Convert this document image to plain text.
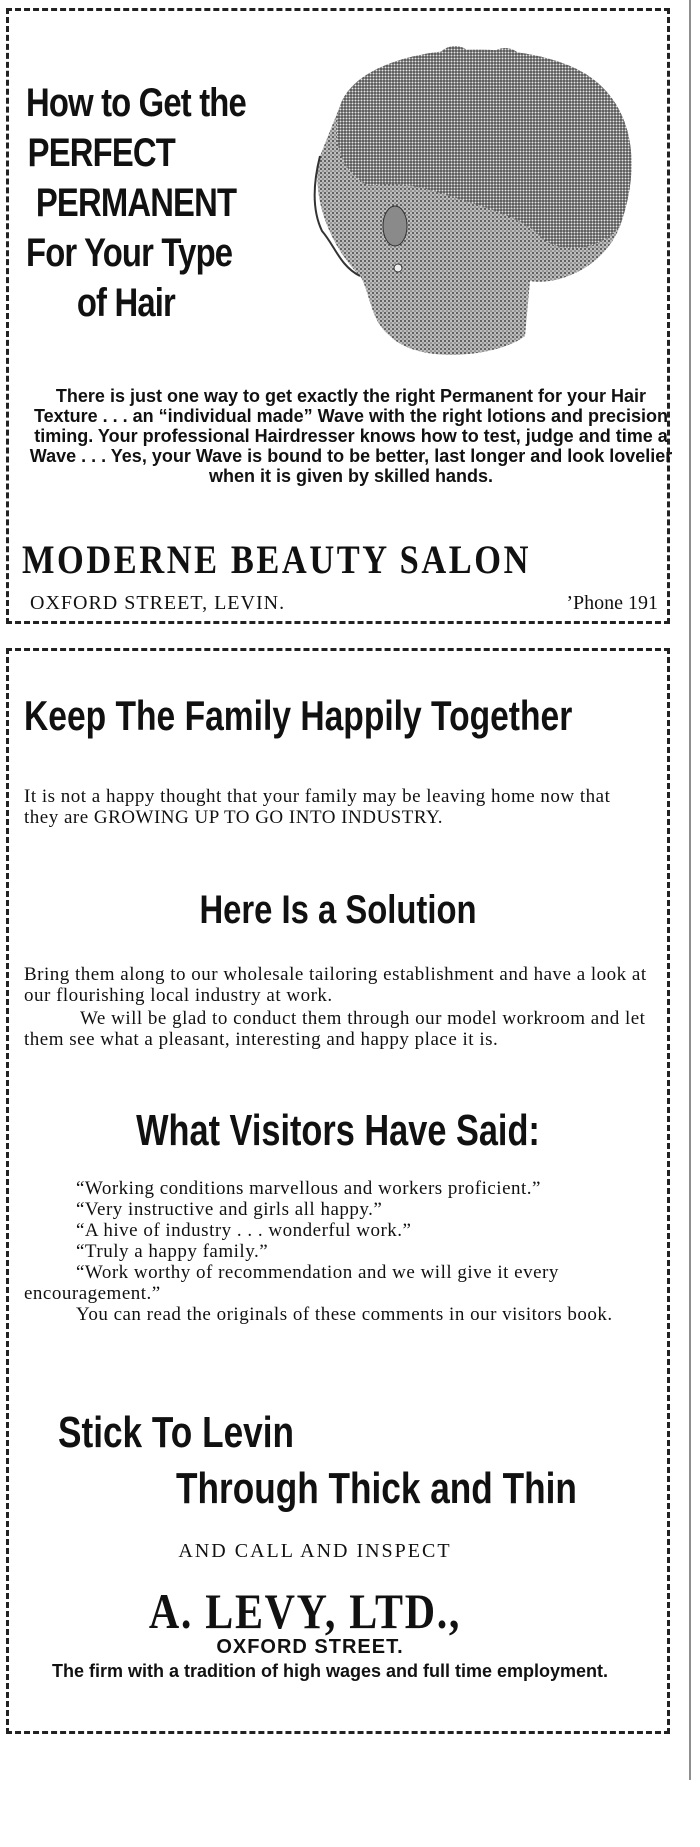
How to Get the
PERFECT
PERMANENT
For Your Type
of Hair
There is just one way to get exactly the right Permanent for your Hair Texture . . . an “individual made” Wave with the right lotions and precision timing. Your professional Hairdresser knows how to test, judge and time a Wave . . . Yes, your Wave is bound to be better, last longer and look lovelier when it is given by skilled hands.
MODERNE BEAUTY SALON
OXFORD STREET, LEVIN.	’Phone 191
Keep The Family Happily Together
It is not a happy thought that your family may be leaving home now that they are GROWING UP TO GO INTO INDUSTRY.
Here Is a Solution
Bring them along to our wholesale tailoring establishment and have a look at our flourishing local industry at work.
We will be glad to conduct them through our model workroom and let them see what a pleasant, interesting and happy place it is.
What Visitors Have Said:
“Working conditions marvellous and workers proficient.”
“Very instructive and girls all happy.”
“A hive of industry . . . wonderful work.”
“Truly a happy family.”
“Work worthy of recommendation and we will give it every encouragement.”
You can read the originals of these comments in our visitors book.
Stick To Levin
Through Thick and Thin
AND CALL AND INSPECT
A. LEVY, LTD.,
OXFORD STREET.
The firm with a tradition of high wages and full time employment.
